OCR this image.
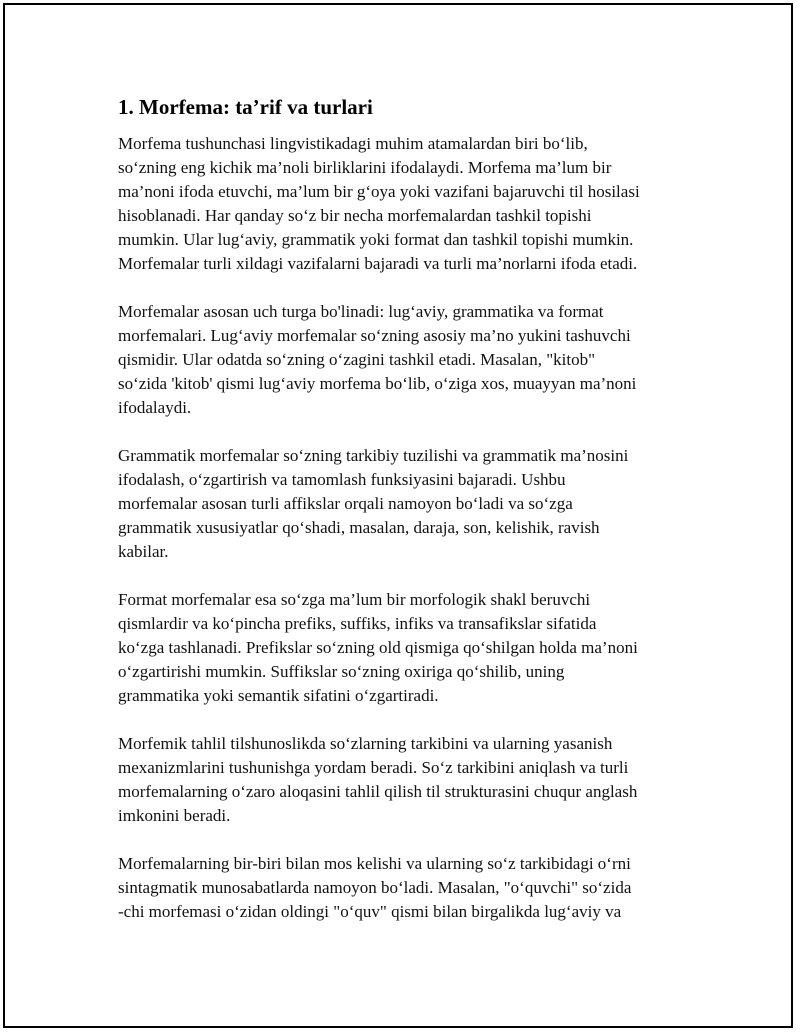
1. Morfema: ta’rif va turlari

Morfema tushunchasi lingvistikadagi muhim atamalardan biri bo‘lib,
so‘zning eng kichik ma’noli birliklarini ifodalaydi. Morfema ma’lum bir
ma’noni ifoda etuvchi, ma’lum bir g‘oya yoki vazifani bajaruvchi til hosilasi
hisoblanadi. Har qanday so‘z bir necha morfemalardan tashkil topishi
mumkin. Ular lug‘aviy, grammatik yoki format dan tashkil topishi mumkin.
Morfemalar turli xildagi vazifalarni bajaradi va turli ma’norlarni ifoda etadi.

Morfemalar asosan uch turga bo'linadi: lug‘aviy, grammatika va format
morfemalari. Lug‘aviy morfemalar so‘zning asosiy ma’no yukini tashuvchi
qismidir. Ular odatda so‘zning o‘zagini tashkil etadi. Masalan, "kitob"
so‘zida 'kitob' qismi lug‘aviy morfema bo‘lib, o‘ziga xos, muayyan ma’noni
ifodalaydi.

Grammatik morfemalar so‘zning tarkibiy tuzilishi va grammatik ma’nosini
ifodalash, o‘zgartirish va tamomlash funksiyasini bajaradi. Ushbu
morfemalar asosan turli affikslar orqali namoyon bo‘ladi va so‘zga
grammatik xususiyatlar qo‘shadi, masalan, daraja, son, kelishik, ravish
kabilar.

Format morfemalar esa so‘zga ma’lum bir morfologik shakl beruvchi
qismlardir va ko‘pincha prefiks, suffiks, infiks va transafikslar sifatida
ko‘zga tashlanadi. Prefikslar so‘zning old qismiga qo‘shilgan holda ma’noni
o‘zgartirishi mumkin. Suffikslar so‘zning oxiriga qo‘shilib, uning
grammatika yoki semantik sifatini o‘zgartiradi.

Morfemik tahlil tilshunoslikda so‘zlarning tarkibini va ularning yasanish
mexanizmlarini tushunishga yordam beradi. So‘z tarkibini aniqlash va turli
morfemalarning o‘zaro aloqasini tahlil qilish til strukturasini chuqur anglash
imkonini beradi.

Morfemalarning bir-biri bilan mos kelishi va ularning so‘z tarkibidagi o‘rni
sintagmatik munosabatlarda namoyon bo‘ladi. Masalan, "o‘quvchi" so‘zida
-chi morfemasi o‘zidan oldingi "o‘quv" qismi bilan birgalikda lug‘aviy va
